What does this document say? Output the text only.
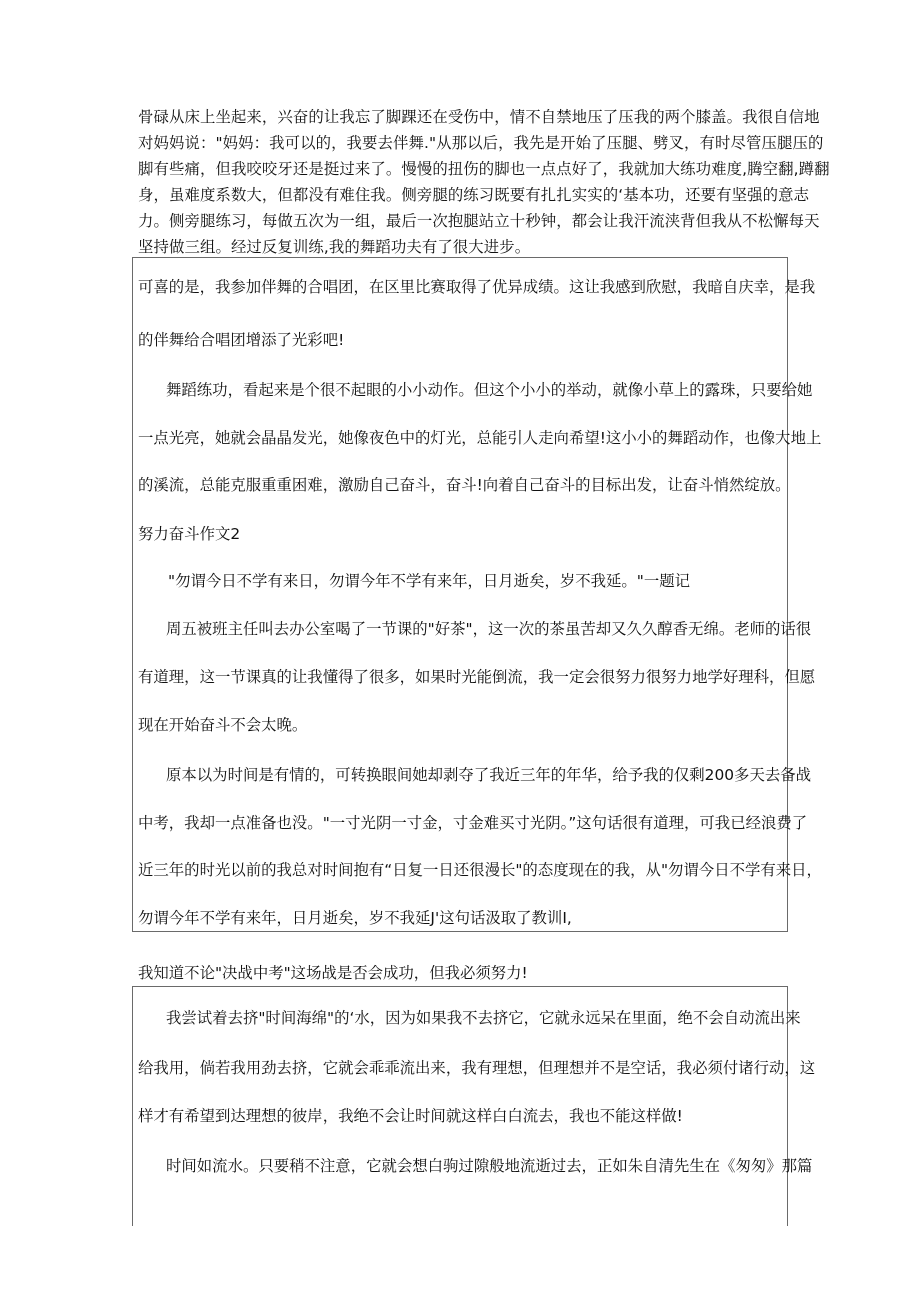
骨碌从床上坐起来，兴奋的让我忘了脚踝还在受伤中，情不自禁地压了压我的两个膝盖。我很自信地
对妈妈说："妈妈：我可以的，我要去伴舞."从那以后，我先是开始了压腿、劈叉，有时尽管压腿压的
脚有些痛，但我咬咬牙还是挺过来了。慢慢的扭伤的脚也一点点好了，我就加大练功难度,腾空翻,蹲翻
身，虽难度系数大，但都没有难住我。侧旁腿的练习既要有扎扎实实的‘基本功，还要有坚强的意志
力。侧旁腿练习，每做五次为一组，最后一次抱腿站立十秒钟，都会让我汗流浃背但我从不松懈每天
坚持做三组。经过反复训练,我的舞蹈功夫有了很大进步。
可喜的是，我参加伴舞的合唱团，在区里比赛取得了优异成绩。这让我感到欣慰，我暗自庆幸，是我
的伴舞给合唱团增添了光彩吧!
舞蹈练功，看起来是个很不起眼的小小动作。但这个小小的举动，就像小草上的露珠，只要给她
一点光亮，她就会晶晶发光，她像夜色中的灯光，总能引人走向希望!这小小的舞蹈动作，也像大地上
的溪流，总能克服重重困难，激励自己奋斗，奋斗!向着自己奋斗的目标出发，让奋斗悄然绽放。
努力奋斗作文2
"勿谓今日不学有来日，勿谓今年不学有来年，日月逝矣，岁不我延。"一题记
周五被班主任叫去办公室喝了一节课的"好茶"，这一次的茶虽苦却又久久醇香无绵。老师的话很
有道理，这一节课真的让我懂得了很多，如果时光能倒流，我一定会很努力很努力地学好理科，但愿
现在开始奋斗不会太晚。
原本以为时间是有情的，可转换眼间她却剥夺了我近三年的年华，给予我的仅剩200多天去备战
中考，我却一点准备也没。"一寸光阴一寸金，寸金难买寸光阴。”这句话很有道理，可我已经浪费了
近三年的时光以前的我总对时间抱有“日复一日还很漫长"的态度现在的我，从"勿谓今日不学有来日，
勿谓今年不学有来年，日月逝矣，岁不我延J'这句话汲取了教训I,
我知道不论"决战中考"这场战是否会成功，但我必须努力!
我尝试着去挤"时间海绵"的‘水，因为如果我不去挤它，它就永远呆在里面，绝不会自动流出来
给我用，倘若我用劲去挤，它就会乖乖流出来，我有理想，但理想并不是空话，我必须付诸行动，这
样才有希望到达理想的彼岸，我绝不会让时间就这样白白流去，我也不能这样做!
时间如流水。只要稍不注意，它就会想白驹过隙般地流逝过去，正如朱自清先生在《匆匆》那篇
